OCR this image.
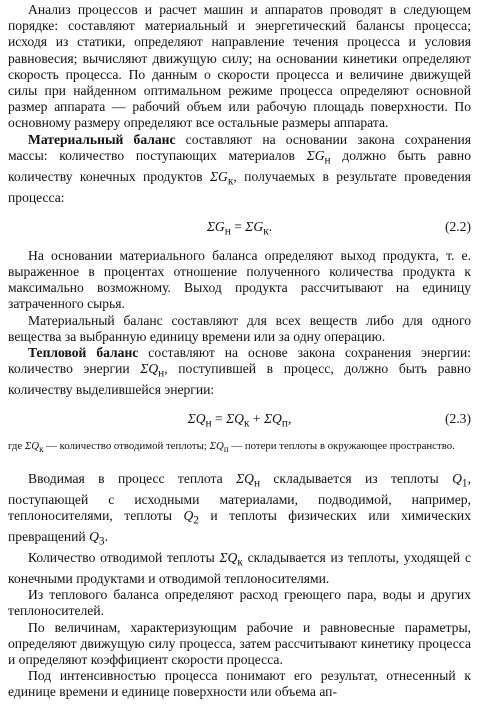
Анализ процессов и расчет машин и аппаратов проводят в следующем порядке: составляют материальный и энергетический балансы процесса; исходя из статики, определяют направление течения процесса и условия равновесия; вычисляют движущую силу; на основании кинетики определяют скорость процесса. По данным о скорости процесса и величине движущей силы при найденном оптимальном режиме процесса определяют основной размер аппарата — рабочий объем или рабочую площадь поверхности. По основному размеру определяют все остальные размеры аппарата.

Материальный баланс составляют на основании закона сохранения массы: количество поступающих материалов $\Sigma G_н$ должно быть равно количеству конечных продуктов $\Sigma G_к$, получаемых в результате проведения процесса:

$\Sigma G_н = \Sigma G_к$.	(2.2)

На основании материального баланса определяют выход продукта, т. е. выраженное в процентах отношение полученного количества продукта к максимально возможному. Выход продукта рассчитывают на единицу затраченного сырья.

Материальный баланс составляют для всех веществ либо для одного вещества за выбранную единицу времени или за одну операцию.

Тепловой баланс составляют на основе закона сохранения энергии: количество энергии $\Sigma Q_н$, поступившей в процесс, должно быть равно количеству выделившейся энергии:

$\Sigma Q_н = \Sigma Q_к + \Sigma Q_п$,	(2.3)

где $\Sigma Q_к$ — количество отводимой теплоты; $\Sigma Q_п$ — потери теплоты в окружающее пространство.

Вводимая в процесс теплота $\Sigma Q_н$ складывается из теплоты $Q_1$, поступающей с исходными материалами, подводимой, например, теплоносителями, теплоты $Q_2$ и теплоты физических или химических превращений $Q_3$.

Количество отводимой теплоты $\Sigma Q_к$ складывается из теплоты, уходящей с конечными продуктами и отводимой теплоносителями.

Из теплового баланса определяют расход греющего пара, воды и других теплоносителей.

По величинам, характеризующим рабочие и равновесные параметры, определяют движущую силу процесса, затем рассчитывают кинетику процесса и определяют коэффициент скорости процесса.

Под интенсивностью процесса понимают его результат, отнесенный к единице времени и единице поверхности или объема ап-
